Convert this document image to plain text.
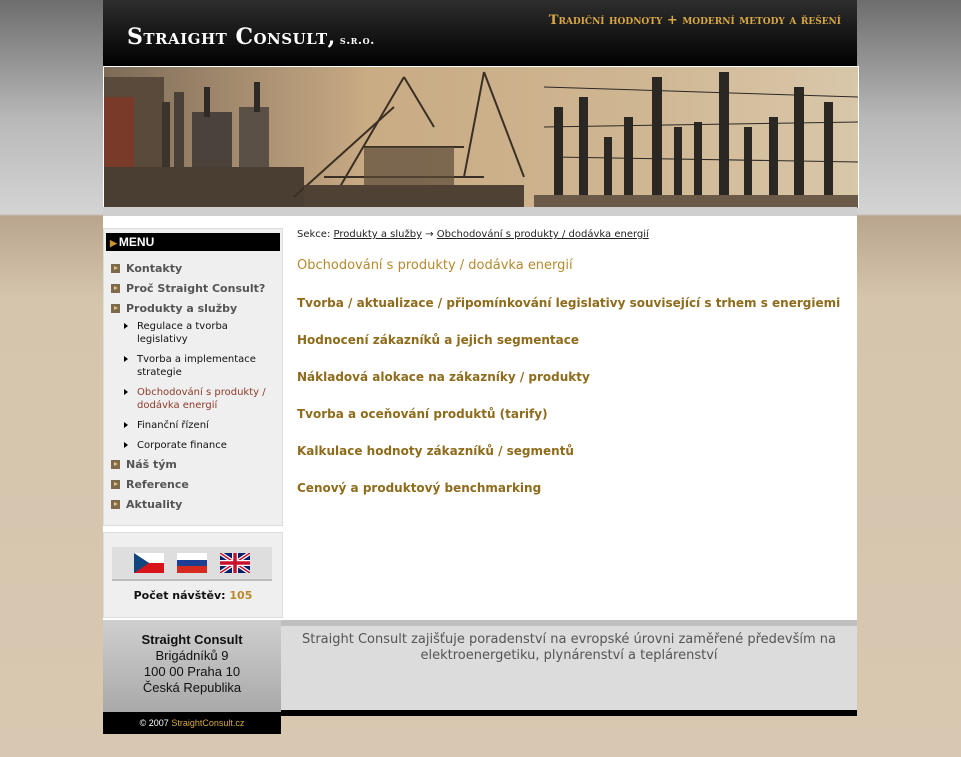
Straight Consult, s.r.o.
Tradiční hodnoty + moderní metody a řešení
▶ MENU
Kontakty
Proč Straight Consult?
Produkty a služby
Regulace a tvorba legislativy
Tvorba a implementace strategie
Obchodování s produkty / dodávka energií
Finanční řízení
Corporate finance
Náš tým
Reference
Aktuality
Počet návštěv: 105
Sekce: Produkty a služby → Obchodování s produkty / dodávka energií
Obchodování s produkty / dodávka energií
Tvorba / aktualizace / připomínkování legislativy související s trhem s energiemi
Hodnocení zákazníků a jejich segmentace
Nákladová alokace na zákazníky / produkty
Tvorba a oceňování produktů (tarify)
Kalkulace hodnoty zákazníků / segmentů
Cenový a produktový benchmarking
Straight Consult
Brigádníků 9
100 00 Praha 10
Česká Republika
Straight Consult zajišťuje poradenství na evropské úrovni zaměřené především na elektroenergetiku, plynárenství a teplárenství
© 2007 StraightConsult.cz
